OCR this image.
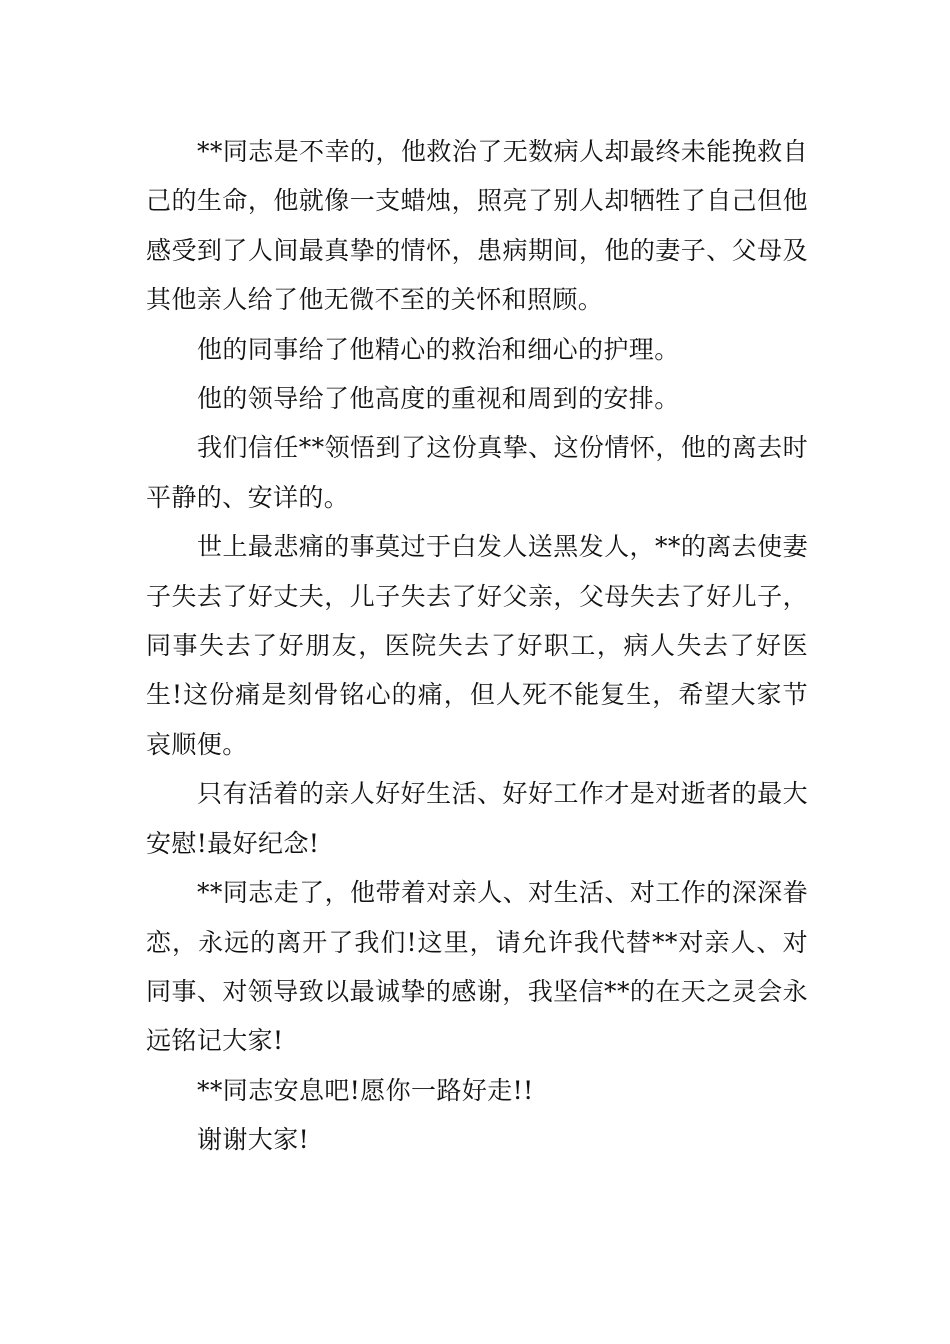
**同志是不幸的，他救治了无数病人却最终未能挽救自己的生命，他就像一支蜡烛，照亮了别人却牺牲了自己但他感受到了人间最真挚的情怀，患病期间，他的妻子、父母及其他亲人给了他无微不至的关怀和照顾。

他的同事给了他精心的救治和细心的护理。

他的领导给了他高度的重视和周到的安排。

我们信任**领悟到了这份真挚、这份情怀，他的离去时平静的、安详的。

世上最悲痛的事莫过于白发人送黑发人，**的离去使妻子失去了好丈夫，儿子失去了好父亲，父母失去了好儿子，同事失去了好朋友，医院失去了好职工，病人失去了好医生!这份痛是刻骨铭心的痛，但人死不能复生，希望大家节哀顺便。

只有活着的亲人好好生活、好好工作才是对逝者的最大安慰!最好纪念!

**同志走了，他带着对亲人、对生活、对工作的深深眷恋，永远的离开了我们!这里，请允许我代替**对亲人、对同事、对领导致以最诚挚的感谢，我坚信**的在天之灵会永远铭记大家!

**同志安息吧!愿你一路好走!!

谢谢大家!
